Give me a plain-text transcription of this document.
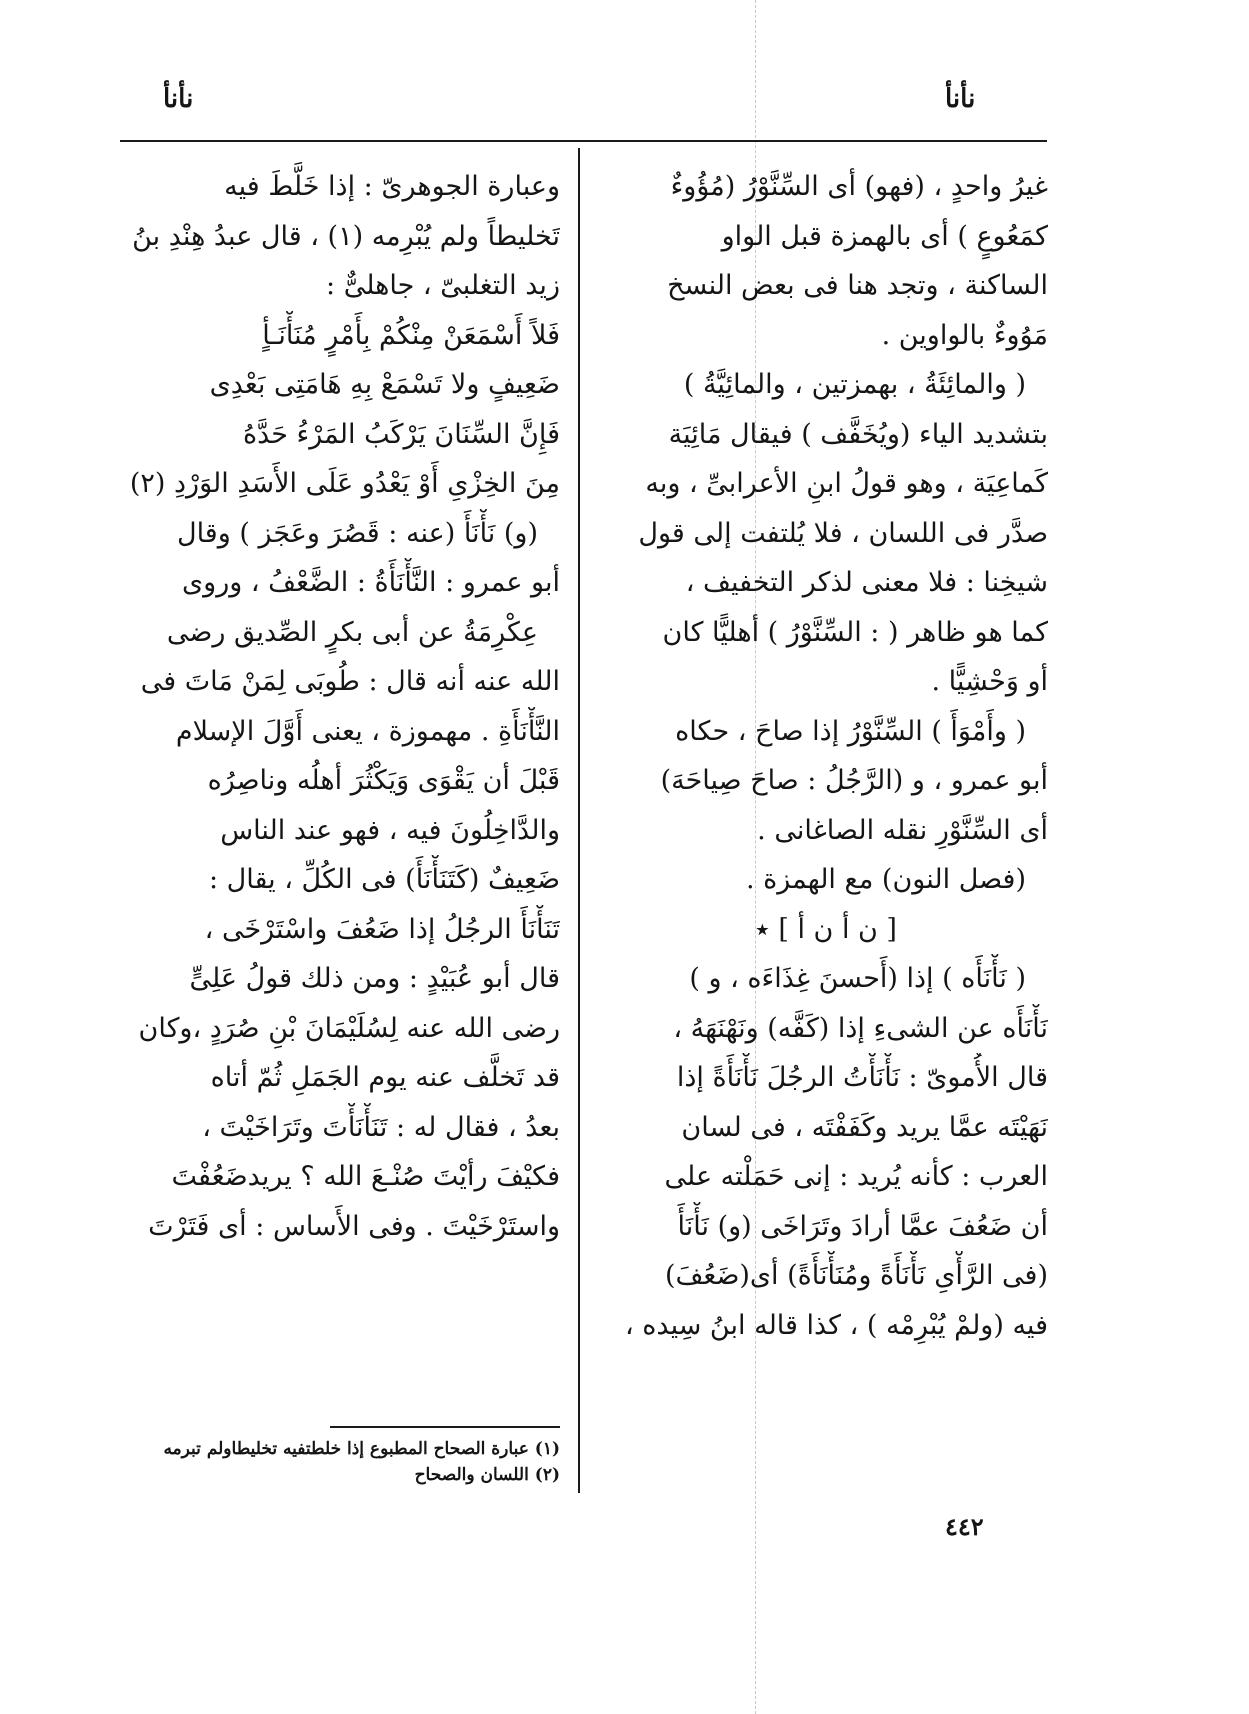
نأنأ
نأنأ
غيرُ واحدٍ ، (فهو) أى السِّنَّوْرُ (مُؤُوءٌ
كمَعُوعٍ ) أى بالهمزة قبل الواو
الساكنة ، وتجد هنا فى بعض النسخ
مَوُوءٌ بالواوين .
( والمائِئَةُ ، بهمزتين ، والمائِيَّةُ )
بتشديد الياء (ويُخَفَّف ) فيقال مَائِيَة
كَماعِيَة ، وهو قولُ ابنِ الأعرابىِّ ، وبه
صدَّر فى اللسان ، فلا يُلتفت إلى قول
شيخِنا : فلا معنى لذكر التخفيف ،
كما هو ظاهر ( : السِّنَّوْرُ ) أهليًّا كان
أو وَحْشِيًّا .
( وأَمْوَأَ ) السِّنَّوْرُ إذا صاحَ ، حكاه
أبو عمرو ، و (الرَّجُلُ : صاحَ صِياحَهَ)
أى السِّنَّوْرِ نقله الصاغانى .
(فصل النون) مع الهمزة .
[ ن أ ن أ ] ٭
( نَأْنَأَه ) إذا (أَحسنَ غِذَاءَه ، و )
نَأْنَأَه عن الشىءِ إذا (كَفَّه) ونَهْنَهَهُ ،
قال الأُموىّ : نَأْنَأْتُ الرجُلَ نَأْنَأَةً إذا
نَهَيْتَه عمَّا يريد وكَفَفْتَه ، فى لسان
العرب : كأنه يُريد : إنى حَمَلْته على
أن ضَعُفَ عمَّا أرادَ وتَرَاخَى (و) نَأْنَأَ
(فى الرَّأْىِ نَأْنَأَةً ومُنَأْنَأَةً) أى(ضَعُفَ)
فيه (ولمْ يُبْرِمْه ) ، كذا قاله ابنُ سِيده ،
وعبارة الجوهرىّ : إذا خَلَّطَ فيه
تَخليطاً ولم يُبْرِمه (١) ، قال عبدُ هِنْدِ بنُ
زيد التغلبىّ ، جاهلىٌّ :
فَلاً أَسْمَعَنْ مِنْكُمْ بِأَمْرٍ مُنَأْنَـأٍ
ضَعِيفٍ ولا تَسْمَعْ بِهِ هَامَتِى بَعْدِى
فَإِنَّ السِّنَانَ يَرْكَبُ المَرْءُ حَدَّهُ
مِنَ الخِزْىِ أَوْ يَعْدُو عَلَى الأَسَدِ الوَرْدِ (٢)
(و) نَأْنَأَ (عنه : قَصُرَ وعَجَز ) وقال
أبو عمرو : النَّأْنَأَةُ : الضَّعْفُ ، وروى
عِكْرِمَةُ عن أبى بكرٍ الصِّديق رضى
الله عنه أنه قال : طُوبَى لِمَنْ مَاتَ فى
النَّأْنَأَةِ . مهموزة ، يعنى أَوَّلَ الإسلام
قَبْلَ أن يَقْوَى وَيَكْثُرَ أهلُه وناصِرُه
والدَّاخِلُونَ فيه ، فهو عند الناس
ضَعِيفٌ (كَتَنَأْنَأَ) فى الكُلِّ ، يقال :
تَنَأْنَأَ الرجُلُ إذا ضَعُفَ واسْتَرْخَى ،
قال أبو عُبَيْدٍ : ومن ذلك قولُ عَلِىٍّ
رضى الله عنه لِسُلَيْمَانَ بْنِ صُرَدٍ ،وكان
قد تَخلَّف عنه يوم الجَمَلِ ثُمّ أتاه
بعدُ ، فقال له : تَنَأْنَأْتَ وتَرَاخَيْتَ ،
فكيْفَ رأيْتَ صُنْـعَ الله ؟ يريدضَعُفْتَ
واستَرْخَيْتَ . وفى الأَساس : أى فَتَرْتَ
(١) عبارة الصحاح المطبوع إذا خلطتفيه تخليطاولم تبرمه
(٢) اللسان والصحاح
٤٤٢
